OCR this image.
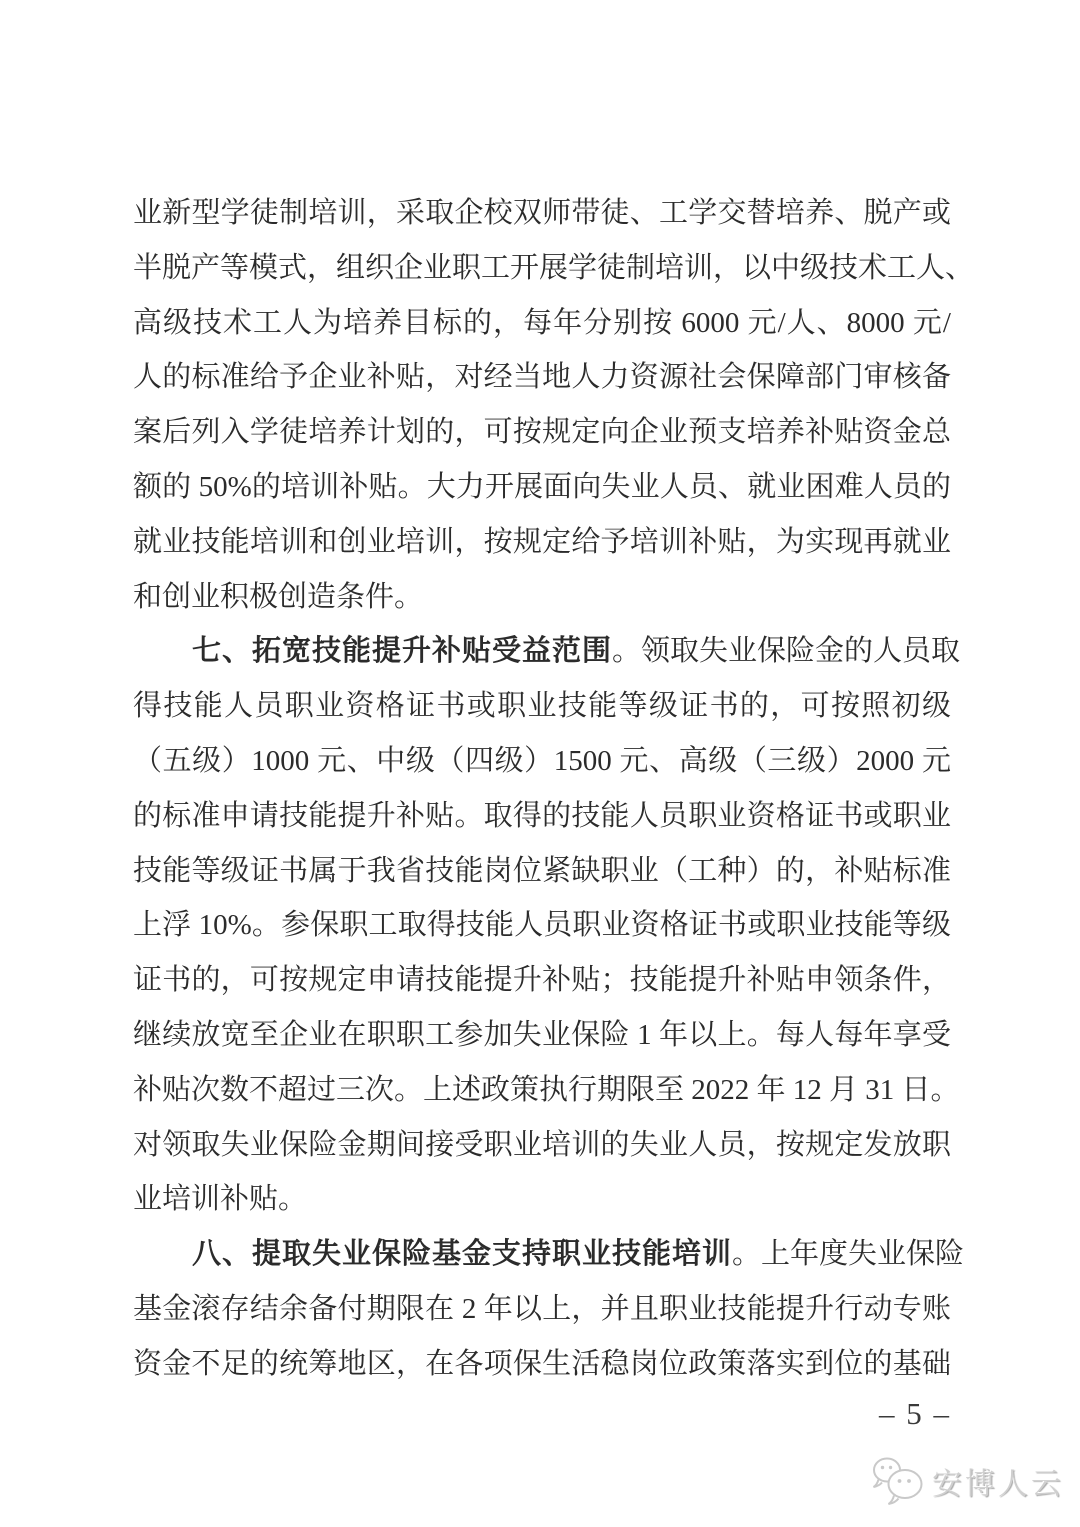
业新型学徒制培训，采取企校双师带徒、工学交替培养、脱产或
半脱产等模式，组织企业职工开展学徒制培训，以中级技术工人、
高级技术工人为培养目标的，每年分别按 6000 元/人、8000 元/
人的标准给予企业补贴，对经当地人力资源社会保障部门审核备
案后列入学徒培养计划的，可按规定向企业预支培养补贴资金总
额的 50%的培训补贴。大力开展面向失业人员、就业困难人员的
就业技能培训和创业培训，按规定给予培训补贴，为实现再就业
和创业积极创造条件。
七、拓宽技能提升补贴受益范围。领取失业保险金的人员取
得技能人员职业资格证书或职业技能等级证书的，可按照初级
（五级）1000 元、中级（四级）1500 元、高级（三级）2000 元
的标准申请技能提升补贴。取得的技能人员职业资格证书或职业
技能等级证书属于我省技能岗位紧缺职业（工种）的，补贴标准
上浮 10%。参保职工取得技能人员职业资格证书或职业技能等级
证书的，可按规定申请技能提升补贴；技能提升补贴申领条件，
继续放宽至企业在职职工参加失业保险 1 年以上。每人每年享受
补贴次数不超过三次。上述政策执行期限至 2022 年 12 月 31 日。
对领取失业保险金期间接受职业培训的失业人员，按规定发放职
业培训补贴。
八、提取失业保险基金支持职业技能培训。上年度失业保险
基金滚存结余备付期限在 2 年以上，并且职业技能提升行动专账
资金不足的统筹地区，在各项保生活稳岗位政策落实到位的基础
– 5 –
安博人云
